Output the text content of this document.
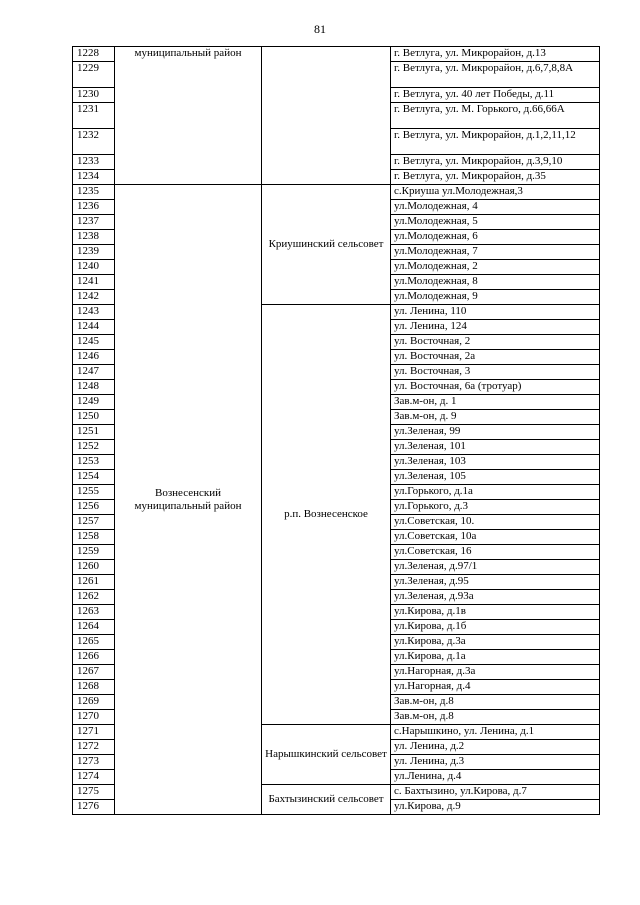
81
1228	муниципальный район		г. Ветлуга, ул. Микрорайон, д.13
1229			г. Ветлуга, ул. Микрорайон, д.6,7,8,8А
1230			г. Ветлуга, ул. 40 лет Победы, д.11
1231			г. Ветлуга, ул. М. Горького, д.66,66А
1232			г. Ветлуга, ул. Микрорайон, д.1,2,11,12
1233			г. Ветлуга, ул. Микрорайон, д.3,9,10
1234			г. Ветлуга, ул. Микрорайон, д.35
1235	Вознесенский муниципальный район	Криушинский сельсовет	с.Криуша ул.Молодежная,3
1236			ул.Молодежная, 4
1237			ул.Молодежная, 5
1238			ул.Молодежная, 6
1239			ул.Молодежная, 7
1240			ул.Молодежная, 2
1241			ул.Молодежная, 8
1242			ул.Молодежная, 9
1243		р.п. Вознесенское	ул. Ленина, 110
1244			ул. Ленина, 124
1245			ул. Восточная, 2
1246			ул. Восточная, 2а
1247			ул. Восточная, 3
1248			ул. Восточная, 6а (тротуар)
1249			Зав.м-он, д. 1
1250			Зав.м-он, д. 9
1251			ул.Зеленая, 99
1252			ул.Зеленая, 101
1253			ул.Зеленая, 103
1254			ул.Зеленая, 105
1255			ул.Горького, д.1а
1256			ул.Горького, д.3
1257			ул.Советская, 10.
1258			ул.Советская, 10а
1259			ул.Советская, 16
1260			ул.Зеленая, д.97/1
1261			ул.Зеленая, д.95
1262			ул.Зеленая, д.93а
1263			ул.Кирова, д.1в
1264			ул.Кирова, д.1б
1265			ул.Кирова, д.3а
1266			ул.Кирова, д.1а
1267			ул.Нагорная, д.3а
1268			ул.Нагорная, д.4
1269			Зав.м-он, д.8
1270			Зав.м-он, д.8
1271		Нарышкинский сельсовет	с.Нарышкино, ул. Ленина, д.1
1272			ул. Ленина, д.2
1273			ул. Ленина, д.3
1274			ул.Ленина, д.4
1275		Бахтызинский сельсовет	с. Бахтызино, ул.Кирова, д.7
1276			ул.Кирова, д.9
